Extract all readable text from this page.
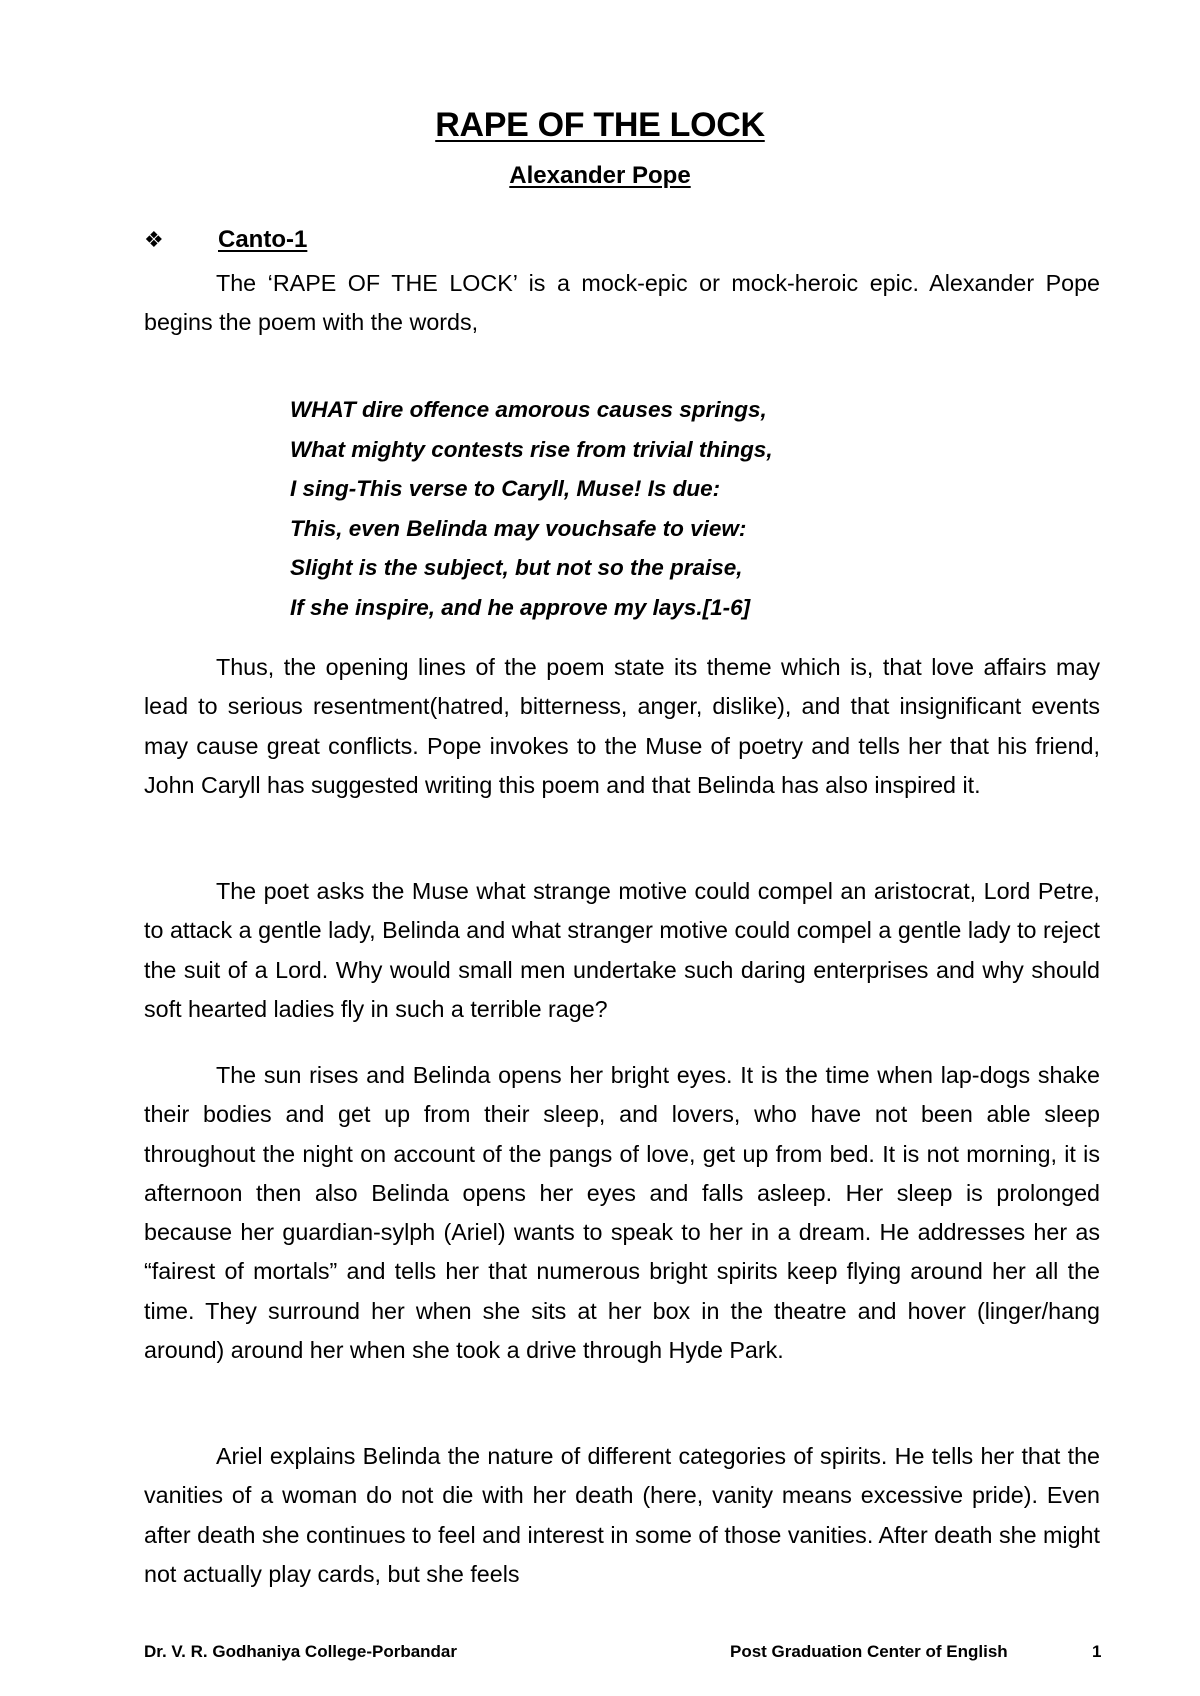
RAPE OF THE LOCK
Alexander Pope
❖ Canto-1

The ‘RAPE OF THE LOCK’ is a mock-epic or mock-heroic epic. Alexander Pope begins the poem with the words,

WHAT dire offence amorous causes springs,
What mighty contests rise from trivial things,
I sing-This verse to Caryll, Muse! Is due:
This, even Belinda may vouchsafe to view:
Slight is the subject, but not so the praise,
If she inspire, and he approve my lays.[1-6]

Thus, the opening lines of the poem state its theme which is, that love affairs may lead to serious resentment(hatred, bitterness, anger, dislike), and that insignificant events may cause great conflicts. Pope invokes to the Muse of poetry and tells her that his friend, John Caryll has suggested writing this poem and that Belinda has also inspired it.

The poet asks the Muse what strange motive could compel an aristocrat, Lord Petre, to attack a gentle lady, Belinda and what stranger motive could compel a gentle lady to reject the suit of a Lord. Why would small men undertake such daring enterprises and why should soft hearted ladies fly in such a terrible rage?

The sun rises and Belinda opens her bright eyes. It is the time when lap-dogs shake their bodies and get up from their sleep, and lovers, who have not been able sleep throughout the night on account of the pangs of love, get up from bed. It is not morning, it is afternoon then also Belinda opens her eyes and falls asleep. Her sleep is prolonged because her guardian-sylph (Ariel) wants to speak to her in a dream. He addresses her as “fairest of mortals” and tells her that numerous bright spirits keep flying around her all the time. They surround her when she sits at her box in the theatre and hover (linger/hang around) around her when she took a drive through Hyde Park.

Ariel explains Belinda the nature of different categories of spirits. He tells her that the vanities of a woman do not die with her death (here, vanity means excessive pride). Even after death she continues to feel and interest in some of those vanities. After death she might not actually play cards, but she feels

Dr. V. R. Godhaniya College-Porbandar	Post Graduation Center of English	1
